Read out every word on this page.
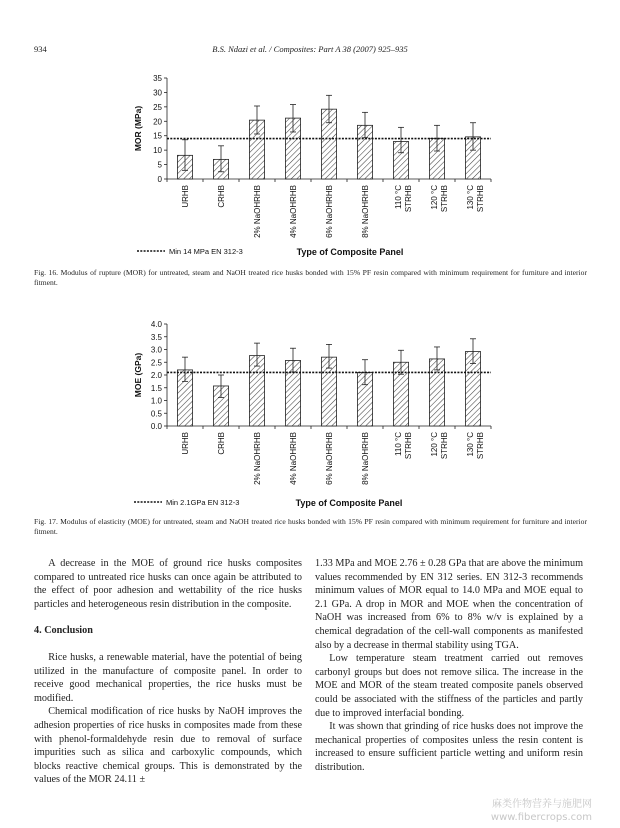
934	B.S. Ndazi et al. / Composites: Part A 38 (2007) 925–935
0
5
10
15
20
25
30
35
MOR (MPa)
URHB	CRHB	2% NaOHRHB	4% NaOHRHB	6% NaOHRHB	8% NaOHRHB	110 °CSTRHB 120 °CSTRHB 130 °CSTRHB
Min 14 MPa EN 312-3	Type of Composite Panel
Fig. 16. Modulus of rupture (MOR) for untreated, steam and NaOH treated rice husks bonded with 15% PF resin compared with minimum requirement for furniture and interior fitment.
0.0
0.5
1.0
1.5
2.0
2.5
3.0
3.5
4.0
MOE (GPa)
URHB	CRHB	2% NaOHRHB	4% NaOHRHB	6% NaOHRHB	8% NaOHRHB	110 °CSTRHB 120 °CSTRHB 130 °CSTRHB
Min 2.1GPa EN 312-3	Type of Composite Panel
Fig. 17. Modulus of elasticity (MOE) for untreated, steam and NaOH treated rice husks bonded with 15% PF resin compared with minimum requirement for furniture and interior fitment.

A decrease in the MOE of ground rice husks composites compared to untreated rice husks can once again be attributed to the effect of poor adhesion and wettability of the rice husks particles and heterogeneous resin distribution in the composite.

4. Conclusion

Rice husks, a renewable material, have the potential of being utilized in the manufacture of composite panel. In order to receive good mechanical properties, the rice husks must be modified.

Chemical modification of rice husks by NaOH improves the adhesion properties of rice husks in composites made from these with phenol-formaldehyde resin due to removal of surface impurities such as silica and carboxylic compounds, which blocks reactive chemical groups. This is demonstrated by the values of the MOR 24.11 ±

1.33 MPa and MOE 2.76 ± 0.28 GPa that are above the minimum values recommended by EN 312 series. EN 312-3 recommends minimum values of MOR equal to 14.0 MPa and MOE equal to 2.1 GPa. A drop in MOR and MOE when the concentration of NaOH was increased from 6% to 8% w/v is explained by a chemical degradation of the cell-wall components as manifested also by a decrease in thermal stability using TGA.

Low temperature steam treatment carried out removes carbonyl groups but does not remove silica. The increase in the MOE and MOR of the steam treated composite panels observed could be associated with the stiffness of the particles and partly due to improved interfacial bonding.

It was shown that grinding of rice husks does not improve the mechanical properties of composites unless the resin content is increased to ensure sufficient particle wetting and uniform resin distribution.

麻类作物营养与施肥网
www.fibercrops.com
